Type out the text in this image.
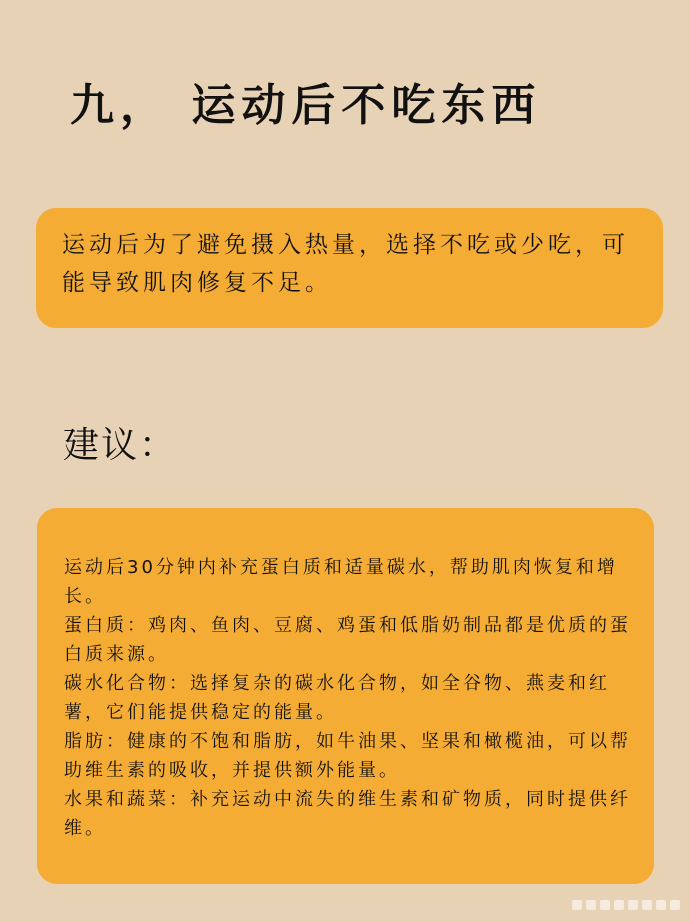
九， 运动后不吃东西

运动后为了避免摄入热量，选择不吃或少吃，可能导致肌肉修复不足。

建议：
运动后30分钟内补充蛋白质和适量碳水，帮助肌肉恢复和增长。
蛋白质：鸡肉、鱼肉、豆腐、鸡蛋和低脂奶制品都是优质的蛋白质来源。
碳水化合物：选择复杂的碳水化合物，如全谷物、燕麦和红薯，它们能提供稳定的能量。
脂肪：健康的不饱和脂肪，如牛油果、坚果和橄榄油，可以帮助维生素的吸收，并提供额外能量。
水果和蔬菜：补充运动中流失的维生素和矿物质，同时提供纤维。
